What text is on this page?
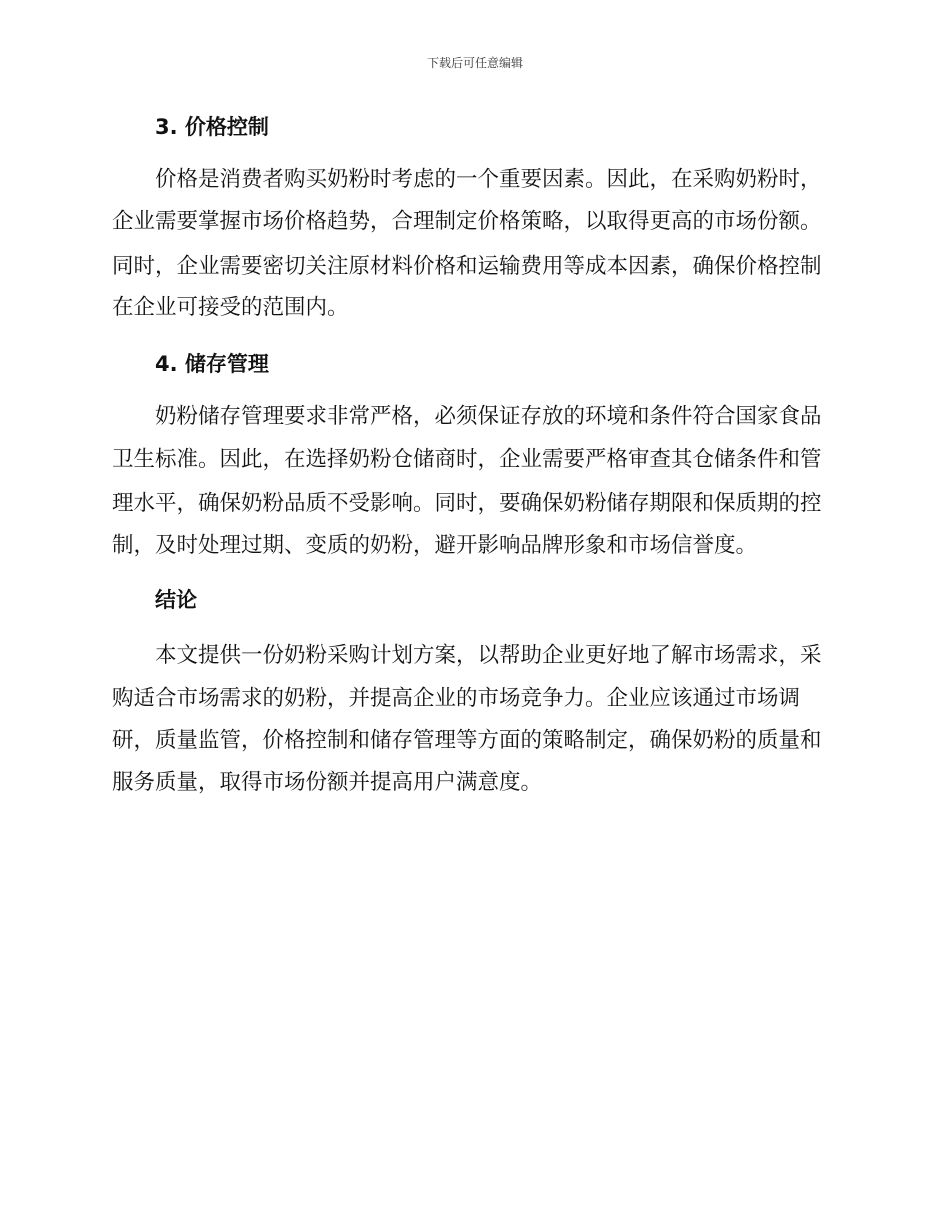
下载后可任意编辑
3. 价格控制
价格是消费者购买奶粉时考虑的一个重要因素。因此，在采购奶粉时，
企业需要掌握市场价格趋势，合理制定价格策略，以取得更高的市场份额。
同时，企业需要密切关注原材料价格和运输费用等成本因素，确保价格控制
在企业可接受的范围内。
4. 储存管理
奶粉储存管理要求非常严格，必须保证存放的环境和条件符合国家食品
卫生标准。因此，在选择奶粉仓储商时，企业需要严格审查其仓储条件和管
理水平，确保奶粉品质不受影响。同时，要确保奶粉储存期限和保质期的控
制，及时处理过期、变质的奶粉，避开影响品牌形象和市场信誉度。
结论
本文提供一份奶粉采购计划方案，以帮助企业更好地了解市场需求，采
购适合市场需求的奶粉，并提高企业的市场竞争力。企业应该通过市场调
研，质量监管，价格控制和储存管理等方面的策略制定，确保奶粉的质量和
服务质量，取得市场份额并提高用户满意度。
